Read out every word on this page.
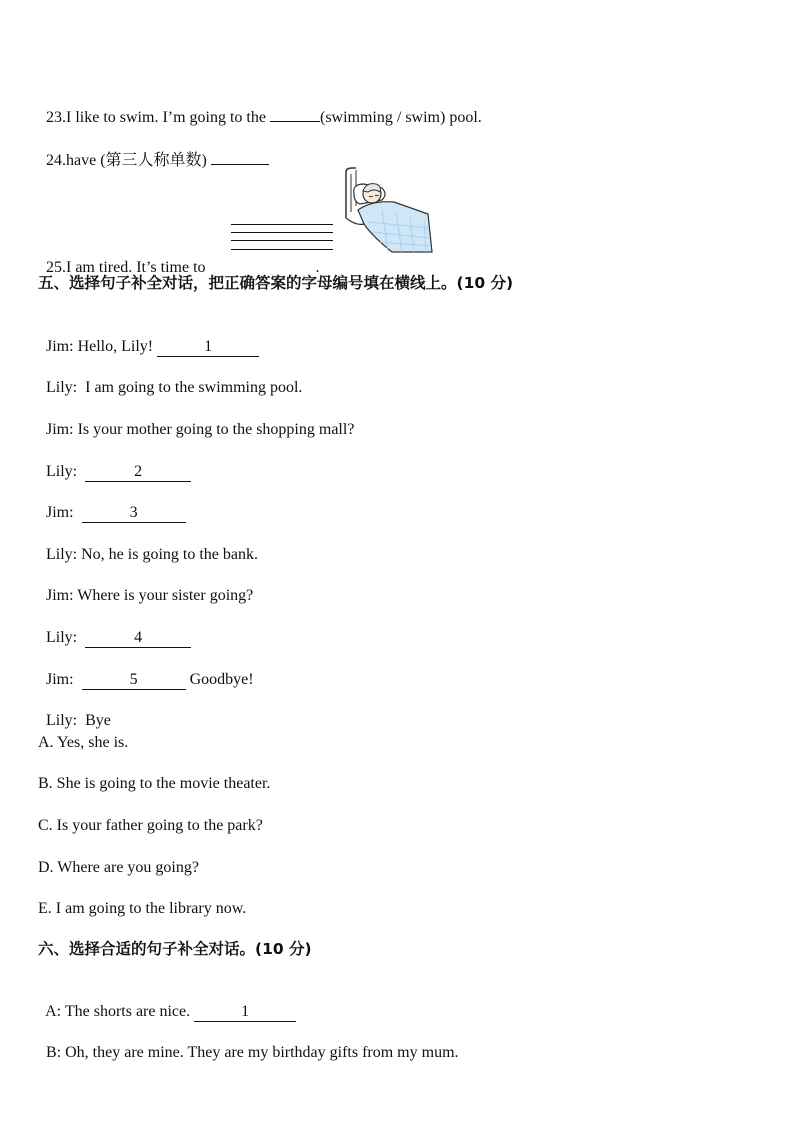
23.I like to swim. I’m going to the	(swimming / swim) pool.

24.have (第三人称单数)

25.I am tired. It’s time to	.

五、选择句子补全对话，把正确答案的字母编号填在横线上。(10 分)

Jim: Hello, Lily!	1

Lily: I am going to the swimming pool.

Jim: Is your mother going to the shopping mall?

Lily:	2

Jim:	3

Lily: No, he is going to the bank.

Jim: Where is your sister going?

Lily:	4

Jim:	5	Goodbye!

Lily: Bye

A. Yes, she is.
B. She is going to the movie theater.
C. Is your father going to the park?
D. Where are you going?
E. I am going to the library now.
六、选择合适的句子补全对话。(10 分)

A: The shorts are nice.	1

B: Oh, they are mine. They are my birthday gifts from my mum.
